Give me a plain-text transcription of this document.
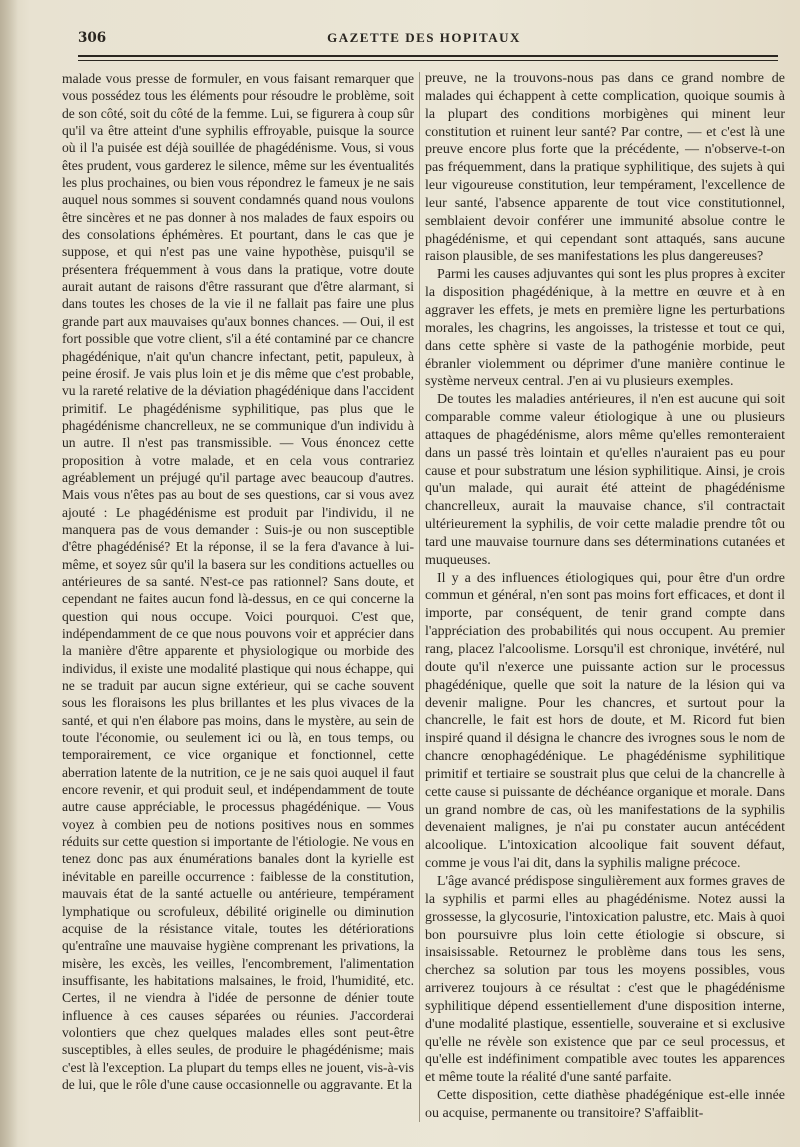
306	GAZETTE DES HOPITAUX

malade vous presse de formuler, en vous faisant remarquer que vous possédez tous les éléments pour résoudre le problème, soit de son côté, soit du côté de la femme. Lui, se figurera à coup sûr qu'il va être atteint d'une syphilis effroyable, puisque la source où il l'a puisée est déjà souillée de phagédénisme. Vous, si vous êtes prudent, vous garderez le silence, même sur les éventualités les plus prochaines, ou bien vous répondrez le fameux je ne sais auquel nous sommes si souvent condamnés quand nous voulons être sincères et ne pas donner à nos malades de faux espoirs ou des consolations éphémères. Et pourtant, dans le cas que je suppose, et qui n'est pas une vaine hypothèse, puisqu'il se présentera fréquemment à vous dans la pratique, votre doute aurait autant de raisons d'être rassurant que d'être alarmant, si dans toutes les choses de la vie il ne fallait pas faire une plus grande part aux mauvaises qu'aux bonnes chances. — Oui, il est fort possible que votre client, s'il a été contaminé par ce chancre phagédénique, n'ait qu'un chancre infectant, petit, papuleux, à peine érosif. Je vais plus loin et je dis même que c'est probable, vu la rareté relative de la déviation phagédénique dans l'accident primitif. Le phagédénisme syphilitique, pas plus que le phagédénisme chancrelleux, ne se communique d'un individu à un autre. Il n'est pas transmissible. — Vous énoncez cette proposition à votre malade, et en cela vous contrariez agréablement un préjugé qu'il partage avec beaucoup d'autres. Mais vous n'êtes pas au bout de ses questions, car si vous avez ajouté : Le phagédénisme est produit par l'individu, il ne manquera pas de vous demander : Suis-je ou non susceptible d'être phagédénisé? Et la réponse, il se la fera d'avance à lui-même, et soyez sûr qu'il la basera sur les conditions actuelles ou antérieures de sa santé. N'est-ce pas rationnel? Sans doute, et cependant ne faites aucun fond là-dessus, en ce qui concerne la question qui nous occupe. Voici pourquoi. C'est que, indépendamment de ce que nous pouvons voir et apprécier dans la manière d'être apparente et physiologique ou morbide des individus, il existe une modalité plastique qui nous échappe, qui ne se traduit par aucun signe extérieur, qui se cache souvent sous les floraisons les plus brillantes et les plus vivaces de la santé, et qui n'en élabore pas moins, dans le mystère, au sein de toute l'économie, ou seulement ici ou là, en tous temps, ou temporairement, ce vice organique et fonctionnel, cette aberration latente de la nutrition, ce je ne sais quoi auquel il faut encore revenir, et qui produit seul, et indépendamment de toute autre cause appréciable, le processus phagédénique. — Vous voyez à combien peu de notions positives nous en sommes réduits sur cette question si importante de l'étiologie. Ne vous en tenez donc pas aux énumérations banales dont la kyrielle est inévitable en pareille occurrence : faiblesse de la constitution, mauvais état de la santé actuelle ou antérieure, tempérament lymphatique ou scrofuleux, débilité originelle ou diminution acquise de la résistance vitale, toutes les détériorations qu'entraîne une mauvaise hygiène comprenant les privations, la misère, les excès, les veilles, l'encombrement, l'alimentation insuffisante, les habitations malsaines, le froid, l'humidité, etc. Certes, il ne viendra à l'idée de personne de dénier toute influence à ces causes séparées ou réunies. J'accorderai volontiers que chez quelques malades elles sont peut-être susceptibles, à elles seules, de produire le phagédénisme; mais c'est là l'exception. La plupart du temps elles ne jouent, vis-à-vis de lui, que le rôle d'une cause occasionnelle ou aggravante. Et la

preuve, ne la trouvons-nous pas dans ce grand nombre de malades qui échappent à cette complication, quoique soumis à la plupart des conditions morbigènes qui minent leur constitution et ruinent leur santé? Par contre, — et c'est là une preuve encore plus forte que la précédente, — n'observe-t-on pas fréquemment, dans la pratique syphilitique, des sujets à qui leur vigoureuse constitution, leur tempérament, l'excellence de leur santé, l'absence apparente de tout vice constitutionnel, semblaient devoir conférer une immunité absolue contre le phagédénisme, et qui cependant sont attaqués, sans aucune raison plausible, de ses manifestations les plus dangereuses?

Parmi les causes adjuvantes qui sont les plus propres à exciter la disposition phagédénique, à la mettre en œuvre et à en aggraver les effets, je mets en première ligne les perturbations morales, les chagrins, les angoisses, la tristesse et tout ce qui, dans cette sphère si vaste de la pathogénie morbide, peut ébranler violemment ou déprimer d'une manière continue le système nerveux central. J'en ai vu plusieurs exemples.

De toutes les maladies antérieures, il n'en est aucune qui soit comparable comme valeur étiologique à une ou plusieurs attaques de phagédénisme, alors même qu'elles remonteraient dans un passé très lointain et qu'elles n'auraient pas eu pour cause et pour substratum une lésion syphilitique. Ainsi, je crois qu'un malade, qui aurait été atteint de phagédénisme chancrelleux, aurait la mauvaise chance, s'il contractait ultérieurement la syphilis, de voir cette maladie prendre tôt ou tard une mauvaise tournure dans ses déterminations cutanées et muqueuses.

Il y a des influences étiologiques qui, pour être d'un ordre commun et général, n'en sont pas moins fort efficaces, et dont il importe, par conséquent, de tenir grand compte dans l'appréciation des probabilités qui nous occupent. Au premier rang, placez l'alcoolisme. Lorsqu'il est chronique, invétéré, nul doute qu'il n'exerce une puissante action sur le processus phagédénique, quelle que soit la nature de la lésion qui va devenir maligne. Pour les chancres, et surtout pour la chancrelle, le fait est hors de doute, et M. Ricord fut bien inspiré quand il désigna le chancre des ivrognes sous le nom de chancre œnophagédénique. Le phagédénisme syphilitique primitif et tertiaire se soustrait plus que celui de la chancrelle à cette cause si puissante de déchéance organique et morale. Dans un grand nombre de cas, où les manifestations de la syphilis devenaient malignes, je n'ai pu constater aucun antécédent alcoolique. L'intoxication alcoolique fait souvent défaut, comme je vous l'ai dit, dans la syphilis maligne précoce.

L'âge avancé prédispose singulièrement aux formes graves de la syphilis et parmi elles au phagédénisme. Notez aussi la grossesse, la glycosurie, l'intoxication palustre, etc. Mais à quoi bon poursuivre plus loin cette étiologie si obscure, si insaisissable. Retournez le problème dans tous les sens, cherchez sa solution par tous les moyens possibles, vous arriverez toujours à ce résultat : c'est que le phagédénisme syphilitique dépend essentiellement d'une disposition interne, d'une modalité plastique, essentielle, souveraine et si exclusive qu'elle ne révèle son existence que par ce seul processus, et qu'elle est indéfiniment compatible avec toutes les apparences et même toute la réalité d'une santé parfaite.

Cette disposition, cette diathèse phadégénique est-elle innée ou acquise, permanente ou transitoire? S'affaiblit-
